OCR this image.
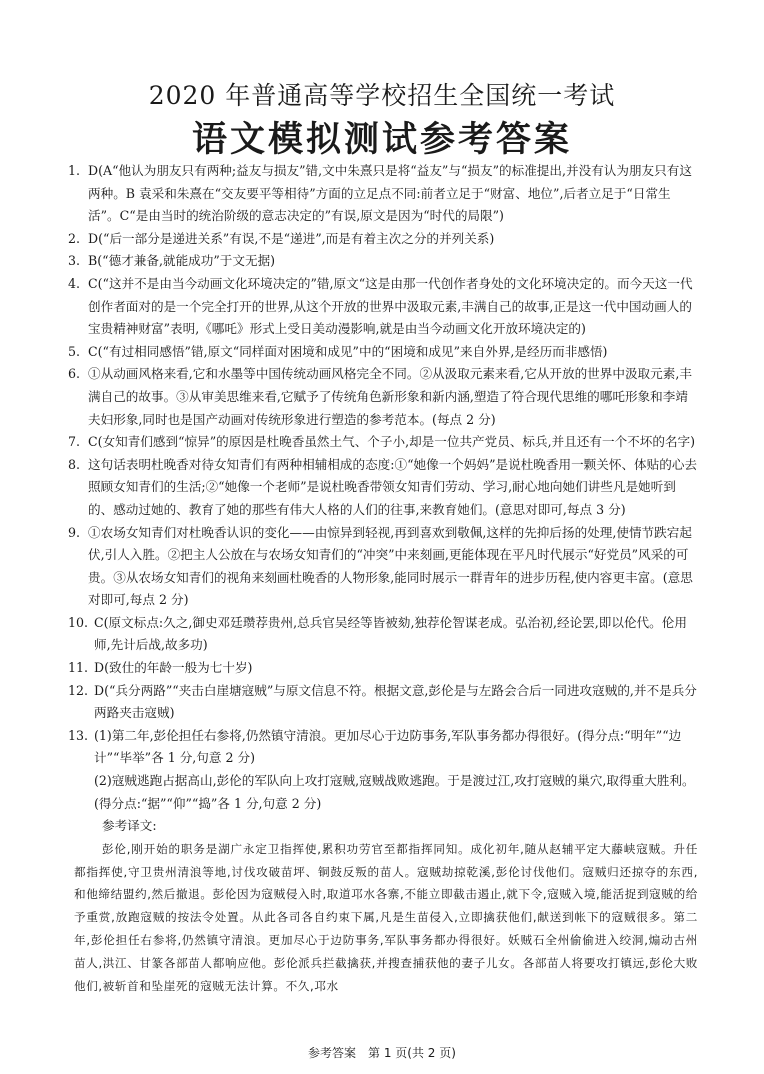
2020 年普通高等学校招生全国统一考试
语文模拟测试参考答案

1. D(A“他认为朋友只有两种;益友与损友”错,文中朱熹只是将“益友”与“损友”的标准提出,并没有认为朋友只有这两种。B 袁采和朱熹在“交友要平等相待”方面的立足点不同:前者立足于“财富、地位”,后者立足于“日常生活”。C“是由当时的统治阶级的意志决定的”有误,原文是因为“时代的局限”)

2. D(“后一部分是递进关系”有误,不是“递进”,而是有着主次之分的并列关系)

3. B(“德才兼备,就能成功”于文无据)

4. C(“这并不是由当今动画文化环境决定的”错,原文“这是由那一代创作者身处的文化环境决定的。而今天这一代创作者面对的是一个完全打开的世界,从这个开放的世界中汲取元素,丰满自己的故事,正是这一代中国动画人的宝贵精神财富”表明,《哪吒》形式上受日美动漫影响,就是由当今动画文化开放环境决定的)

5. C(“有过相同感悟”错,原文“同样面对困境和成见”中的“困境和成见”来自外界,是经历而非感悟)

6. ①从动画风格来看,它和水墨等中国传统动画风格完全不同。②从汲取元素来看,它从开放的世界中汲取元素,丰满自己的故事。③从审美思维来看,它赋予了传统角色新形象和新内涵,塑造了符合现代思维的哪吒形象和李靖夫妇形象,同时也是国产动画对传统形象进行塑造的参考范本。(每点 2 分)

7. C(女知青们感到“惊异”的原因是杜晚香虽然土气、个子小,却是一位共产党员、标兵,并且还有一个不坏的名字)

8. 这句话表明杜晚香对待女知青们有两种相辅相成的态度:①“她像一个妈妈”是说杜晚香用一颗关怀、体贴的心去照顾女知青们的生活;②“她像一个老师”是说杜晚香带领女知青们劳动、学习,耐心地向她们讲些凡是她听到的、感动过她的、教育了她的那些有伟大人格的人们的往事,来教育她们。(意思对即可,每点 3 分)

9. ①农场女知青们对杜晚香认识的变化——由惊异到轻视,再到喜欢到敬佩,这样的先抑后扬的处理,使情节跌宕起伏,引人入胜。②把主人公放在与农场女知青们的“冲突”中来刻画,更能体现在平凡时代展示“好党员”风采的可贵。③从农场女知青们的视角来刻画杜晚香的人物形象,能同时展示一群青年的进步历程,使内容更丰富。(意思对即可,每点 2 分)

10. C(原文标点:久之,御史邓廷瓒荐贵州,总兵官吴经等皆被劾,独荐伦智谋老成。弘治初,经论罢,即以伦代。伦用师,先计后战,故多功)

11. D(致仕的年龄一般为七十岁)

12. D(“兵分两路”“夹击白崖塘寇贼”与原文信息不符。根据文意,彭伦是与左路会合后一同进攻寇贼的,并不是兵分两路夹击寇贼)

13. (1)第二年,彭伦担任右参将,仍然镇守清浪。更加尽心于边防事务,军队事务都办得很好。(得分点:“明年”“边计”“毕举”各 1 分,句意 2 分)

(2)寇贼逃跑占据高山,彭伦的军队向上攻打寇贼,寇贼战败逃跑。于是渡过江,攻打寇贼的巢穴,取得重大胜利。(得分点:“据”“仰”“捣”各 1 分,句意 2 分)

参考译文:

彭伦,刚开始的职务是湖广永定卫指挥使,累积功劳官至都指挥同知。成化初年,随从赵辅平定大藤峡寇贼。升任都指挥使,守卫贵州清浪等地,讨伐攻破苗坪、铜鼓反叛的苗人。寇贼劫掠乾溪,彭伦讨伐他们。寇贼归还掠夺的东西,和他缔结盟约,然后撤退。彭伦因为寇贼侵入时,取道邛水各寨,不能立即截击遏止,就下令,寇贼入境,能活捉到寇贼的给予重赏,放跑寇贼的按法令处置。从此各司各自约束下属,凡是生苗侵入,立即擒获他们,献送到帐下的寇贼很多。第二年,彭伦担任右参将,仍然镇守清浪。更加尽心于边防事务,军队事务都办得很好。妖贼石全州偷偷进入绞洞,煽动古州苗人,洪江、甘篆各部苗人都响应他。彭伦派兵拦截擒获,并搜查捕获他的妻子儿女。各部苗人将要攻打镇远,彭伦大败他们,被斩首和坠崖死的寇贼无法计算。不久,邛水

参考答案　第 1 页(共 2 页)
